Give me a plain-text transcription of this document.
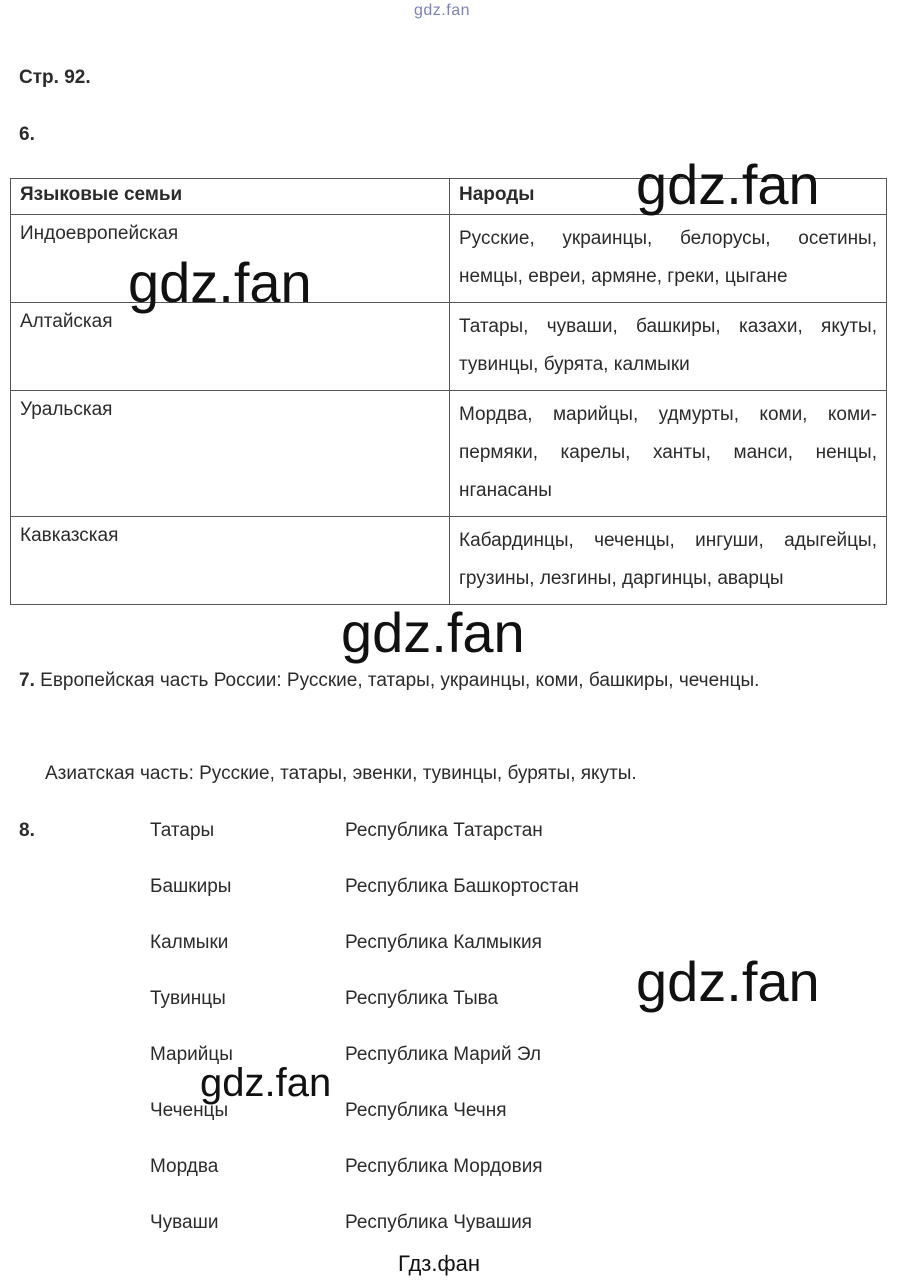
gdz.fan
Стр. 92.
6.
Языковые семьи	Народы
Индоевропейская	Русские, украинцы, белорусы, осетины, немцы, евреи, армяне, греки, цыгане
Алтайская	Татары, чуваши, башкиры, казахи, якуты, тувинцы, бурята, калмыки
Уральская	Мордва, марийцы, удмурты, коми, коми-пермяки, карелы, ханты, манси, ненцы, нганасаны
Кавказская	Кабардинцы, чеченцы, ингуши, адыгейцы, грузины, лезгины, даргинцы, аварцы
7. Европейская часть России: Русские, татары, украинцы, коми, башкиры, чеченцы.
Азиатская часть: Русские, татары, эвенки, тувинцы, буряты, якуты.
8.	Татары	Республика Татарстан
Башкиры	Республика Башкортостан
Калмыки	Республика Калмыкия
Тувинцы	Республика Тыва
Марийцы	Республика Марий Эл
Чеченцы	Республика Чечня
Мордва	Республика Мордовия
Чуваши	Республика Чувашия
gdz.fan
gdz.fan
gdz.fan
gdz.fan
gdz.fan
Гдз.фан
